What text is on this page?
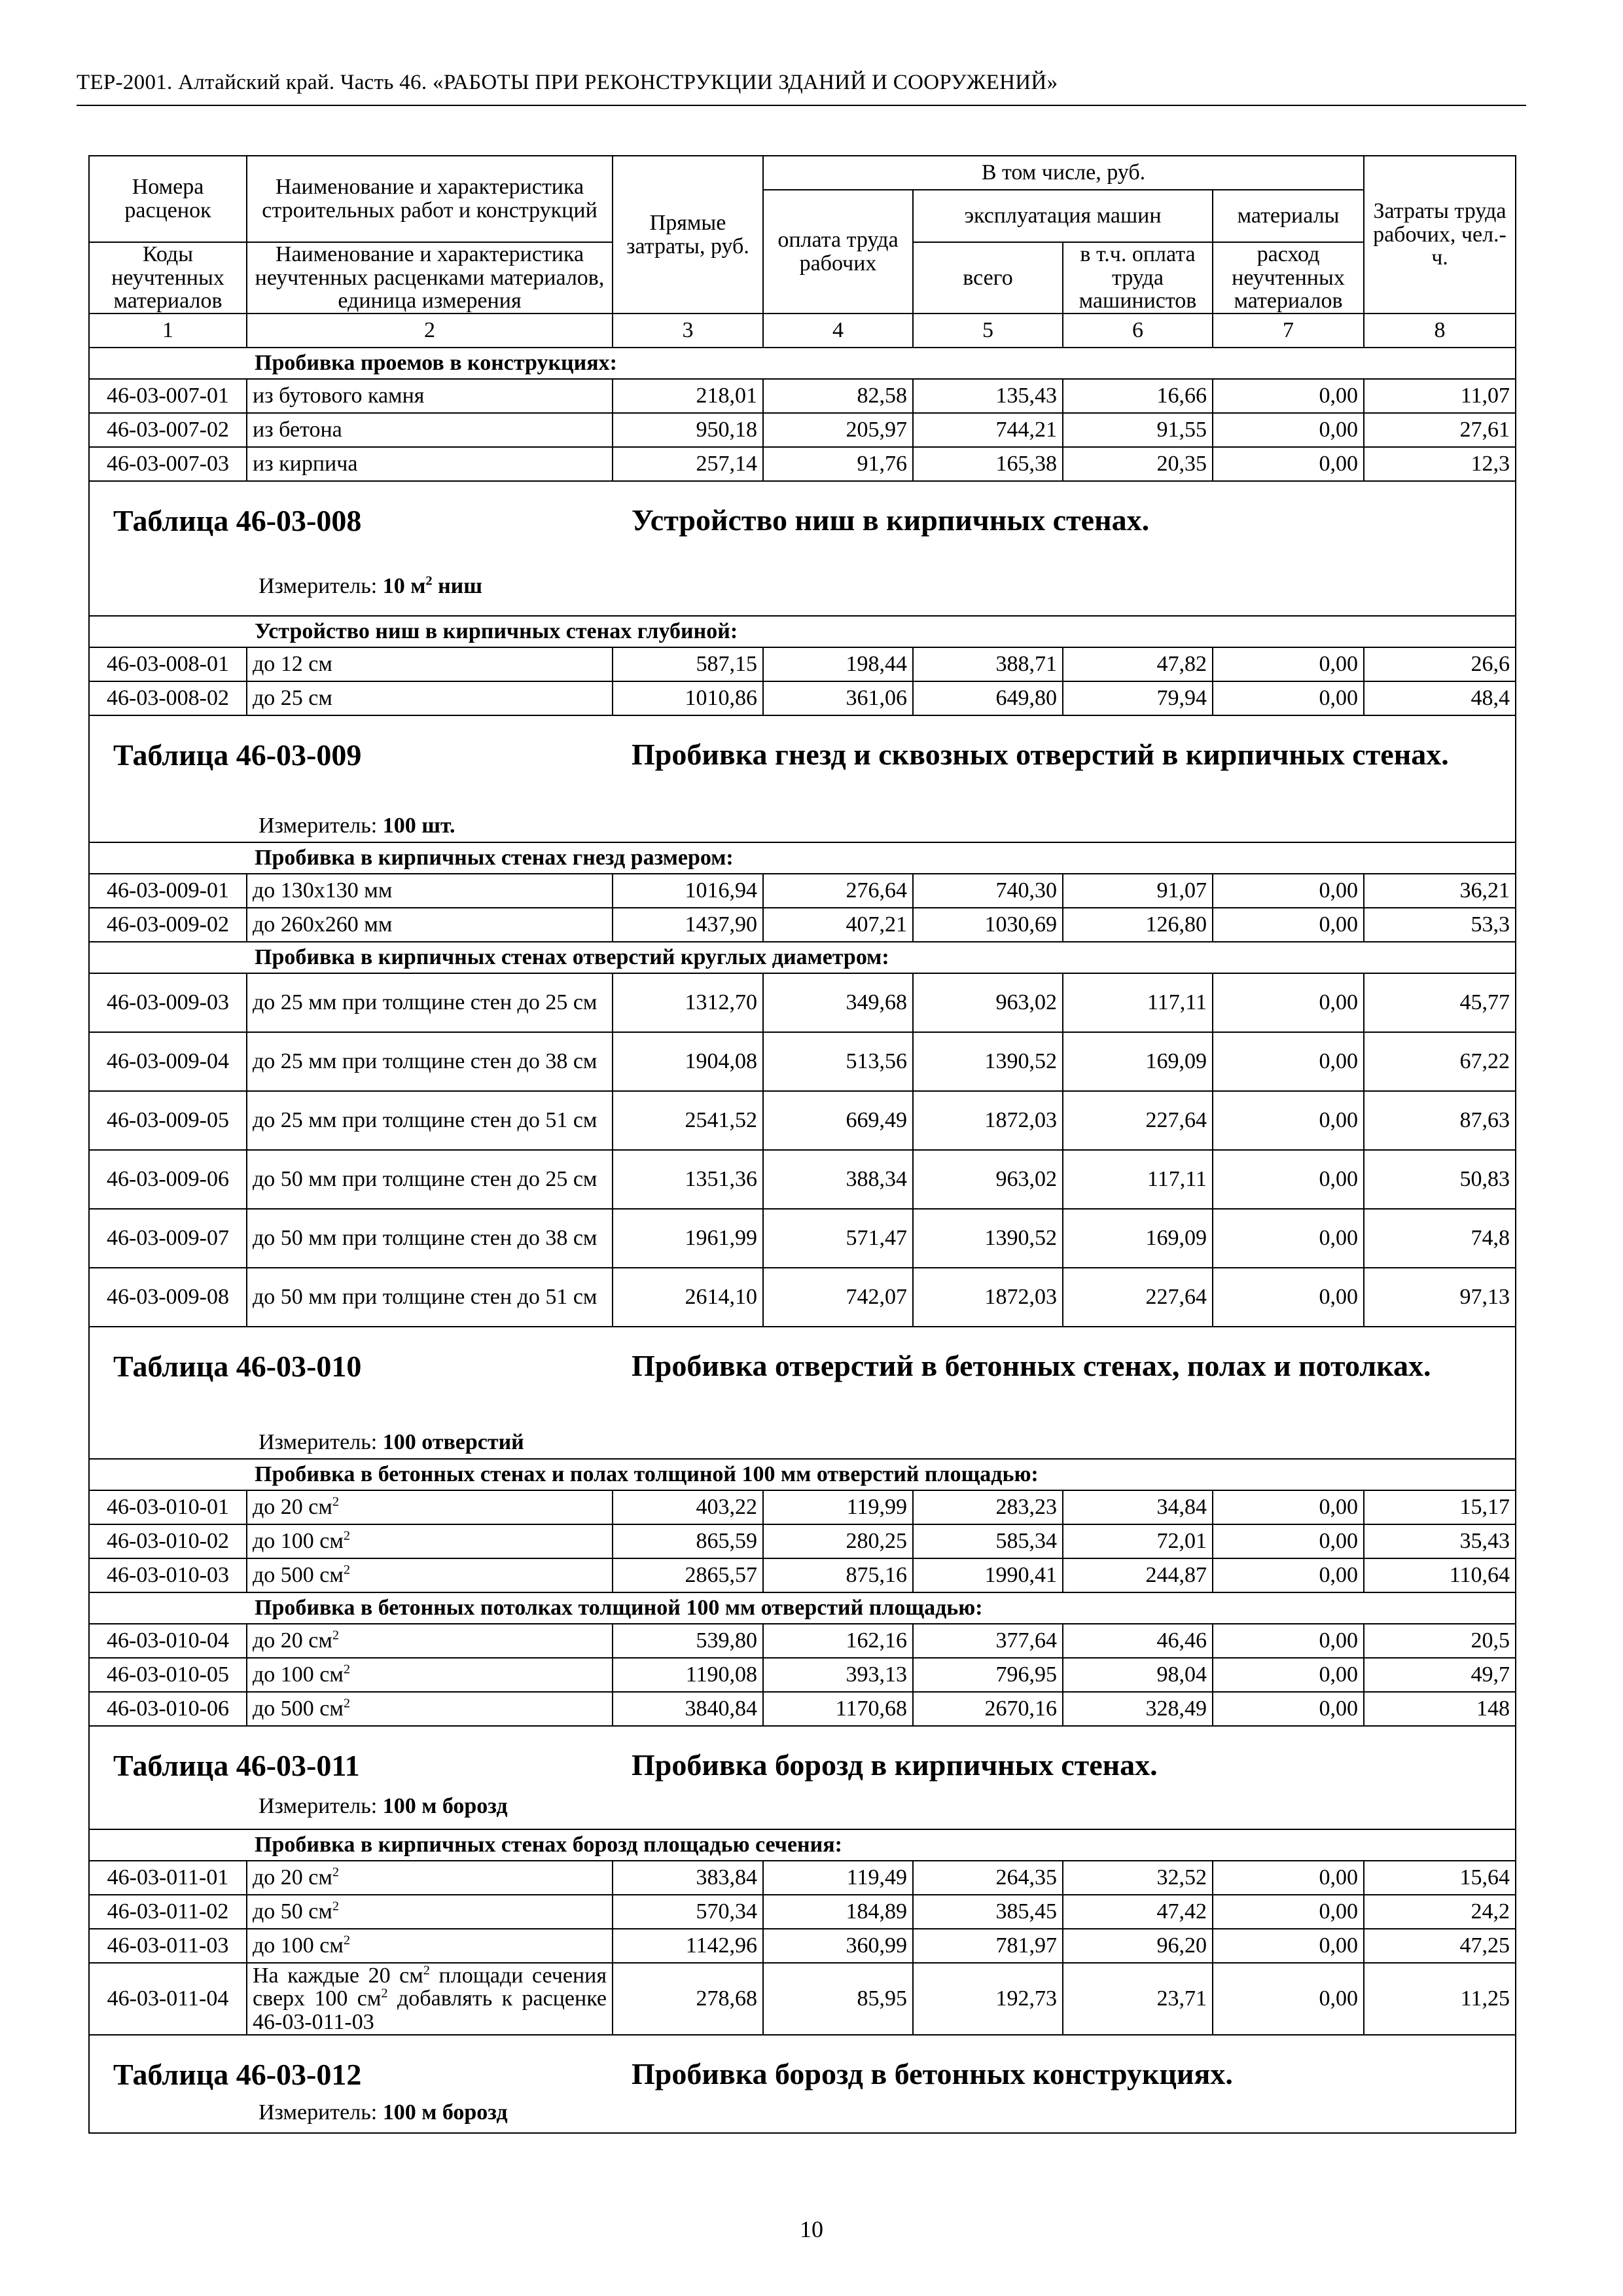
ТЕР-2001. Алтайский край. Часть 46. «РАБОТЫ ПРИ РЕКОНСТРУКЦИИ ЗДАНИЙ И СООРУЖЕНИЙ»
Номера расценок	Наименование и характеристика строительных работ и конструкций	Прямые затраты, руб.	В том числе, руб.				Затраты труда рабочих, чел.-ч.
			оплата труда рабочих	эксплуатация машин		материалы	
Коды неучтенных материалов	Наименование и характеристика неучтенных расценками материалов, единица измерения			всего	в т.ч. оплата труда машинистов	расход неучтенных материалов	

1	2	3	4	5	6	7	8
	Пробивка проемов в конструкциях:						
46-03-007-01	из бутового камня	218,01	82,58	135,43	16,66	0,00	11,07
46-03-007-02	из бетона	950,18	205,97	744,21	91,55	0,00	27,61
46-03-007-03	из кирпича	257,14	91,76	165,38	20,35	0,00	12,3

Таблица 46-03-008 Устройство ниш в кирпичных стенах.
Измеритель: 10 $м^2$ ниш							

	Устройство ниш в кирпичных стенах глубиной:						
46-03-008-01	до 12 см	587,15	198,44	388,71	47,82	0,00	26,6
46-03-008-02	до 25 см	1010,86	361,06	649,80	79,94	0,00	48,4

Таблица 46-03-009 Пробивка гнезд и сквозных отверстий в кирпичных стенах.
Измеритель: 100 шт.							

	Пробивка в кирпичных стенах гнезд размером:						
46-03-009-01	до 130х130 мм	1016,94	276,64	740,30	91,07	0,00	36,21
46-03-009-02	до 260х260 мм	1437,90	407,21	1030,69	126,80	0,00	53,3
	Пробивка в кирпичных стенах отверстий круглых диаметром:						
46-03-009-03	до 25 мм при толщине стен до 25 см	1312,70	349,68	963,02	117,11	0,00	45,77
46-03-009-04	до 25 мм при толщине стен до 38 см	1904,08	513,56	1390,52	169,09	0,00	67,22
46-03-009-05	до 25 мм при толщине стен до 51 см	2541,52	669,49	1872,03	227,64	0,00	87,63
46-03-009-06	до 50 мм при толщине стен до 25 см	1351,36	388,34	963,02	117,11	0,00	50,83
46-03-009-07	до 50 мм при толщине стен до 38 см	1961,99	571,47	1390,52	169,09	0,00	74,8
46-03-009-08	до 50 мм при толщине стен до 51 см	2614,10	742,07	1872,03	227,64	0,00	97,13

Таблица 46-03-010 Пробивка отверстий в бетонных стенах, полах и потолках.
Измеритель: 100 отверстий							

	Пробивка в бетонных стенах и полах толщиной 100 мм отверстий площадью:						
46-03-010-01	до 20 $см^2$	403,22	119,99	283,23	34,84	0,00	15,17
46-03-010-02	до 100 $см^2$	865,59	280,25	585,34	72,01	0,00	35,43
46-03-010-03	до 500 $см^2$	2865,57	875,16	1990,41	244,87	0,00	110,64
	Пробивка в бетонных потолках толщиной 100 мм отверстий площадью:						
46-03-010-04	до 20 $см^2$	539,80	162,16	377,64	46,46	0,00	20,5
46-03-010-05	до 100 $см^2$	1190,08	393,13	796,95	98,04	0,00	49,7
46-03-010-06	до 500 $см^2$	3840,84	1170,68	2670,16	328,49	0,00	148

Таблица 46-03-011 Пробивка борозд в кирпичных стенах.
Измеритель: 100 м борозд							

	Пробивка в кирпичных стенах борозд площадью сечения:						
46-03-011-01	до 20 $см^2$	383,84	119,49	264,35	32,52	0,00	15,64
46-03-011-02	до 50 $см^2$	570,34	184,89	385,45	47,42	0,00	24,2
46-03-011-03	до 100 $см^2$	1142,96	360,99	781,97	96,20	0,00	47,25
46-03-011-04	На каждые 20 $см^2$ площади сечения сверх 100 $см^2$ добавлять к расценке 46-03-011-03	278,68	85,95	192,73	23,71	0,00	11,25

Таблица 46-03-012 Пробивка борозд в бетонных конструкциях.
Измеритель: 100 м борозд							
10
